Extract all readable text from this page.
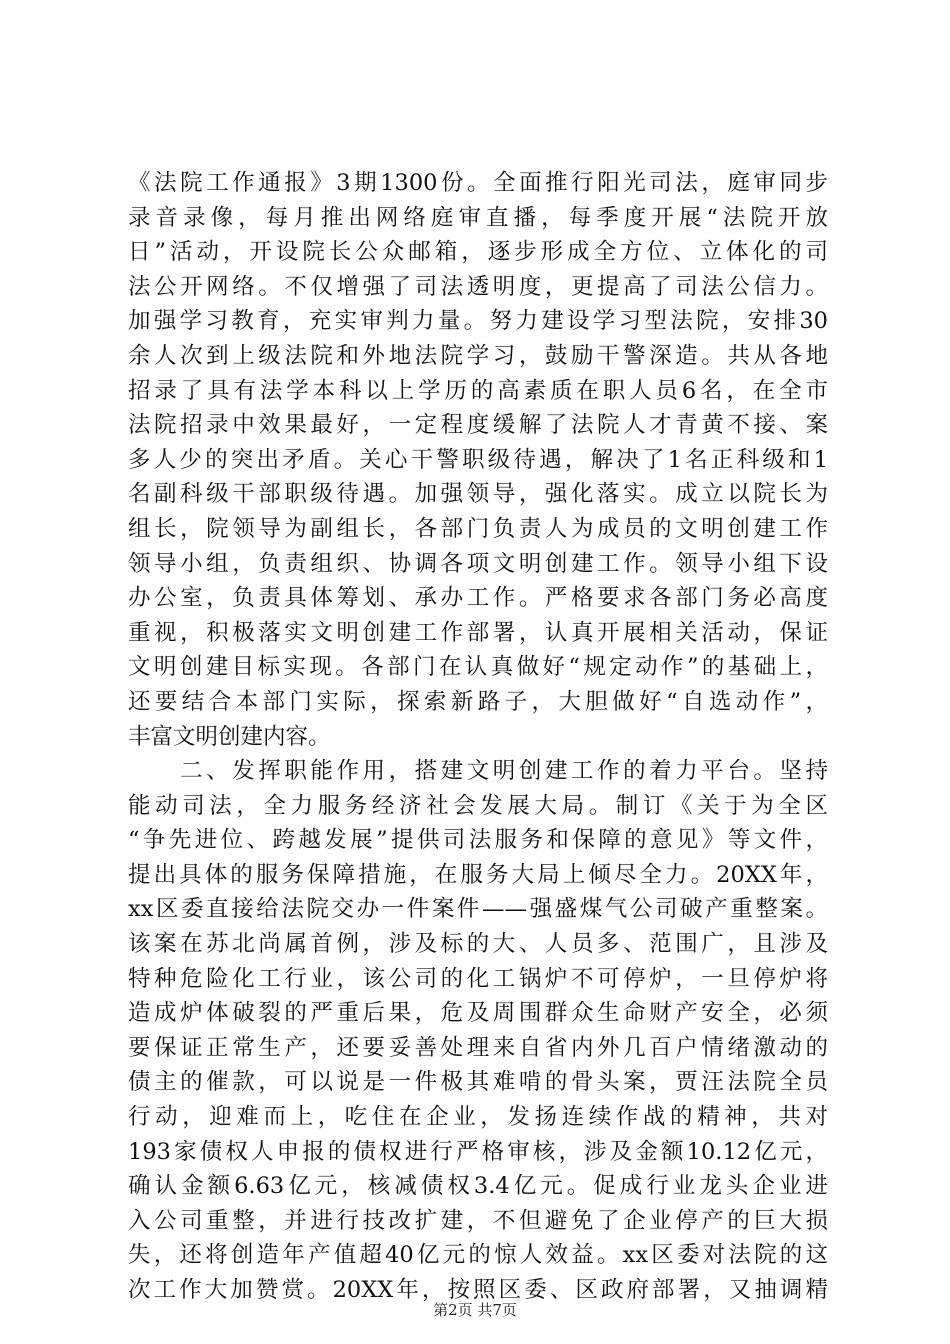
《法院工作通报》3期1300份。全面推行阳光司法，庭审同步
录音录像，每月推出网络庭审直播，每季度开展“法院开放
日”活动，开设院长公众邮箱，逐步形成全方位、立体化的司
法公开网络。不仅增强了司法透明度，更提高了司法公信力。
加强学习教育，充实审判力量。努力建设学习型法院，安排30
余人次到上级法院和外地法院学习，鼓励干警深造。共从各地
招录了具有法学本科以上学历的高素质在职人员6名，在全市
法院招录中效果最好，一定程度缓解了法院人才青黄不接、案
多人少的突出矛盾。关心干警职级待遇，解决了1名正科级和1
名副科级干部职级待遇。加强领导，强化落实。成立以院长为
组长，院领导为副组长，各部门负责人为成员的文明创建工作
领导小组，负责组织、协调各项文明创建工作。领导小组下设
办公室，负责具体筹划、承办工作。严格要求各部门务必高度
重视，积极落实文明创建工作部署，认真开展相关活动，保证
文明创建目标实现。各部门在认真做好“规定动作”的基础上，
还要结合本部门实际，探索新路子，大胆做好“自选动作”，
丰富文明创建内容。
　　二、发挥职能作用，搭建文明创建工作的着力平台。坚持
能动司法，全力服务经济社会发展大局。制订《关于为全区
“争先进位、跨越发展”提供司法服务和保障的意见》等文件，
提出具体的服务保障措施，在服务大局上倾尽全力。20XX年，
xx区委直接给法院交办一件案件——强盛煤气公司破产重整案。
该案在苏北尚属首例，涉及标的大、人员多、范围广，且涉及
特种危险化工行业，该公司的化工锅炉不可停炉，一旦停炉将
造成炉体破裂的严重后果，危及周围群众生命财产安全，必须
要保证正常生产，还要妥善处理来自省内外几百户情绪激动的
债主的催款，可以说是一件极其难啃的骨头案，贾汪法院全员
行动，迎难而上，吃住在企业，发扬连续作战的精神，共对
193家债权人申报的债权进行严格审核，涉及金额10.12亿元，
确认金额6.63亿元，核减债权3.4亿元。促成行业龙头企业进
入公司重整，并进行技改扩建，不但避免了企业停产的巨大损
失，还将创造年产值超40亿元的惊人效益。xx区委对法院的这
次工作大加赞赏。20XX年，按照区委、区政府部署，又抽调精
第2页 共7页
